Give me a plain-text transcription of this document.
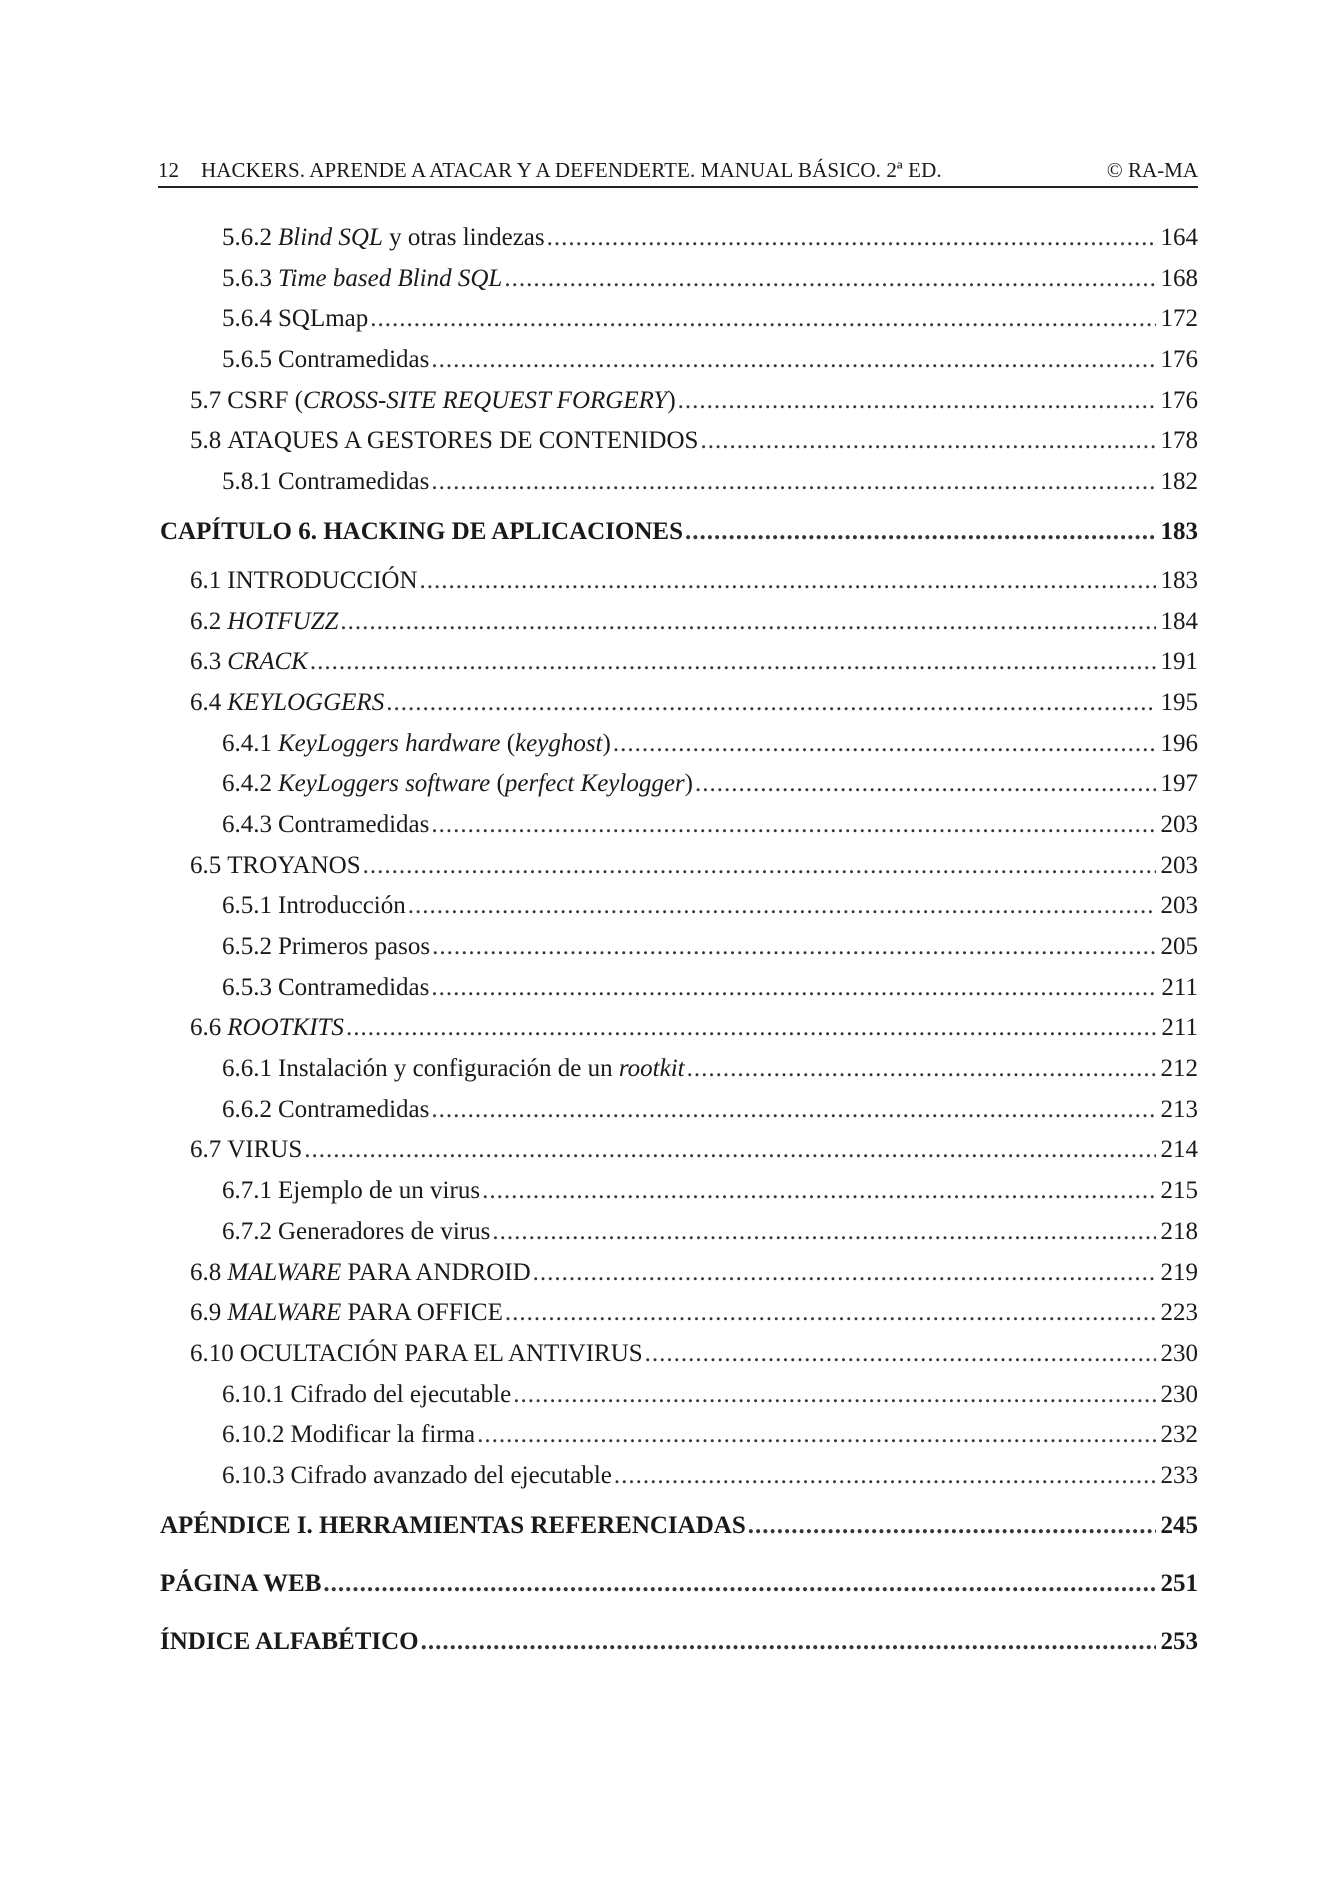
12 HACKERS. APRENDE A ATACAR Y A DEFENDERTE. MANUAL BÁSICO. 2ª ED.	© RA-MA
5.6.2 Blind SQL y otras lindezas .....	164
5.6.3 Time based Blind SQL .....	168
5.6.4 SQLmap .....	172
5.6.5 Contramedidas .....	176
5.7 CSRF (CROSS-SITE REQUEST FORGERY) .....	176
5.8 ATAQUES A GESTORES DE CONTENIDOS .....	178
5.8.1 Contramedidas .....	182
CAPÍTULO 6. HACKING DE APLICACIONES .....	183
6.1 INTRODUCCIÓN .....	183
6.2 HOTFUZZ .....	184
6.3 CRACK .....	191
6.4 KEYLOGGERS .....	195
6.4.1 KeyLoggers hardware (keyghost) .....	196
6.4.2 KeyLoggers software (perfect Keylogger) .....	197
6.4.3 Contramedidas .....	203
6.5 TROYANOS .....	203
6.5.1 Introducción .....	203
6.5.2 Primeros pasos .....	205
6.5.3 Contramedidas .....	211
6.6 ROOTKITS .....	211
6.6.1 Instalación y configuración de un rootkit .....	212
6.6.2 Contramedidas .....	213
6.7 VIRUS .....	214
6.7.1 Ejemplo de un virus .....	215
6.7.2 Generadores de virus .....	218
6.8 MALWARE PARA ANDROID .....	219
6.9 MALWARE PARA OFFICE .....	223
6.10 OCULTACIÓN PARA EL ANTIVIRUS .....	230
6.10.1 Cifrado del ejecutable .....	230
6.10.2 Modificar la firma .....	232
6.10.3 Cifrado avanzado del ejecutable .....	233
APÉNDICE I. HERRAMIENTAS REFERENCIADAS .....	245
PÁGINA WEB .....	251
ÍNDICE ALFABÉTICO .....	253
